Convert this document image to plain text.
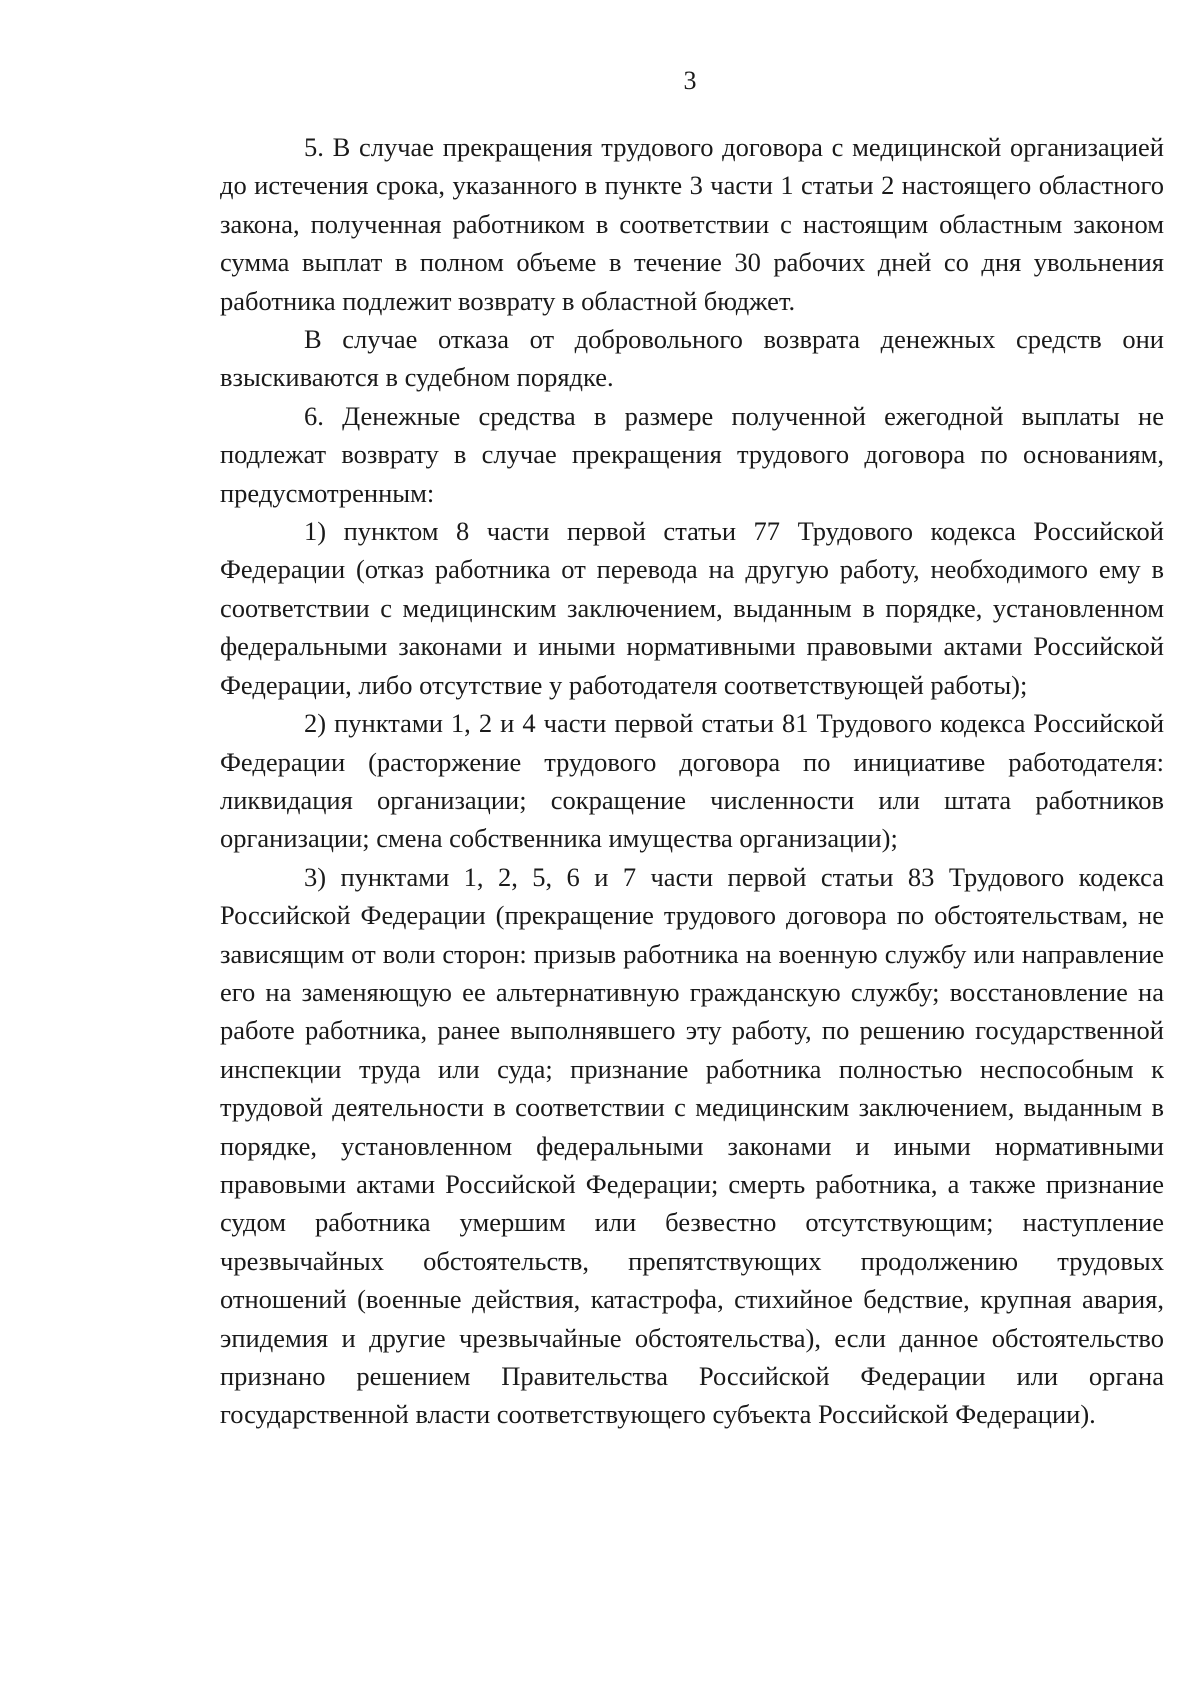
3

5. В случае прекращения трудового договора с медицинской организацией до истечения срока, указанного в пункте 3 части 1 статьи 2 настоящего областного закона, полученная работником в соответствии с настоящим областным законом сумма выплат в полном объеме в течение 30 рабочих дней со дня увольнения работника подлежит возврату в областной бюджет.

В случае отказа от добровольного возврата денежных средств они взыскиваются в судебном порядке.

6. Денежные средства в размере полученной ежегодной выплаты не подлежат возврату в случае прекращения трудового договора по основаниям, предусмотренным:

1) пунктом 8 части первой статьи 77 Трудового кодекса Российской Федерации (отказ работника от перевода на другую работу, необходимого ему в соответствии с медицинским заключением, выданным в порядке, установленном федеральными законами и иными нормативными правовыми актами Российской Федерации, либо отсутствие у работодателя соответствующей работы);

2) пунктами 1, 2 и 4 части первой статьи 81 Трудового кодекса Российской Федерации (расторжение трудового договора по инициативе работодателя: ликвидация организации; сокращение численности или штата работников организации; смена собственника имущества организации);

3) пунктами 1, 2, 5, 6 и 7 части первой статьи 83 Трудового кодекса Российской Федерации (прекращение трудового договора по обстоятельствам, не зависящим от воли сторон: призыв работника на военную службу или направление его на заменяющую ее альтернативную гражданскую службу; восстановление на работе работника, ранее выполнявшего эту работу, по решению государственной инспекции труда или суда; признание работника полностью неспособным к трудовой деятельности в соответствии с медицинским заключением, выданным в порядке, установленном федеральными законами и иными нормативными правовыми актами Российской Федерации; смерть работника, а также признание судом работника умершим или безвестно отсутствующим; наступление чрезвычайных обстоятельств, препятствующих продолжению трудовых отношений (военные действия, катастрофа, стихийное бедствие, крупная авария, эпидемия и другие чрезвычайные обстоятельства), если данное обстоятельство признано решением Правительства Российской Федерации или органа государственной власти соответствующего субъекта Российской Федерации).
